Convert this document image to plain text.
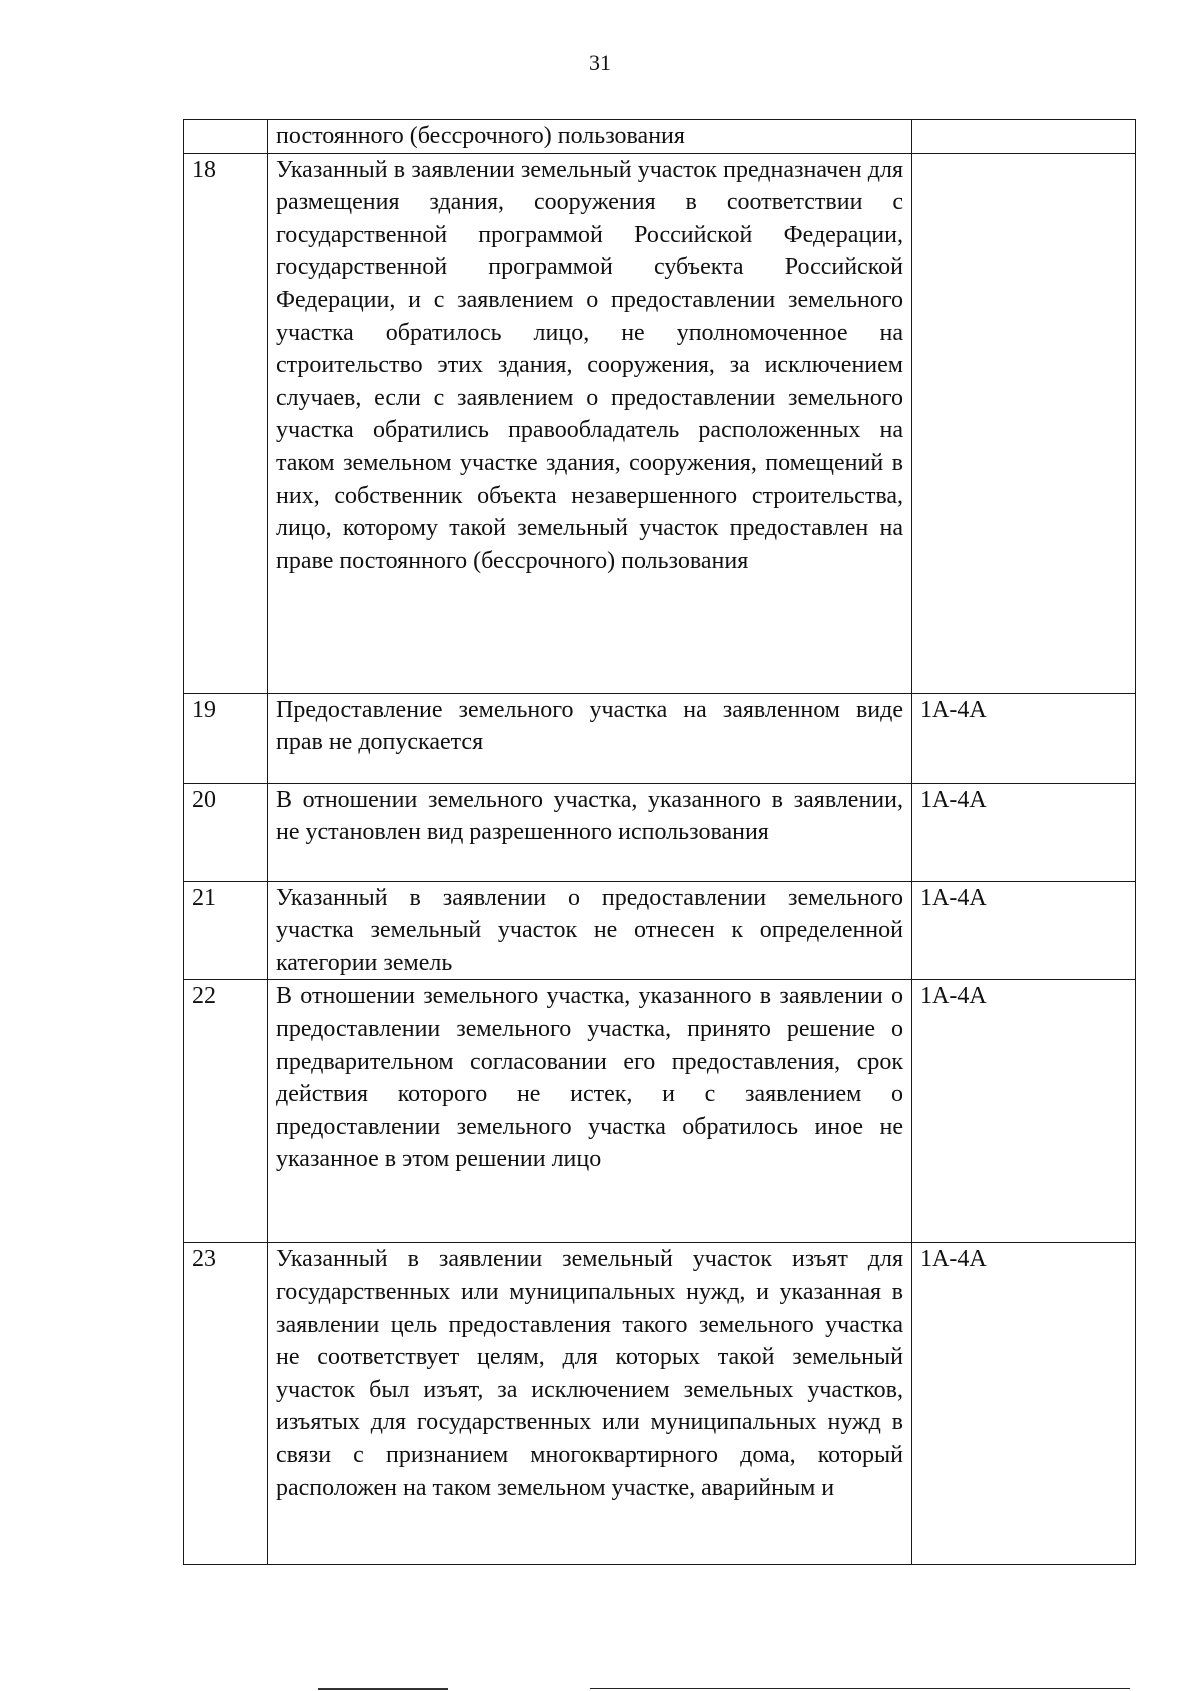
31
	постоянного (бессрочного) пользования	
18	Указанный в заявлении земельный участок предназначен для размещения здания, сооружения в соответствии с государственной программой Российской Федерации, государственной программой субъекта Российской Федерации, и с заявлением о предоставлении земельного участка обратилось лицо, не уполномоченное на строительство этих здания, сооружения, за исключением случаев, если с заявлением о предоставлении земельного участка обратились правообладатель расположенных на таком земельном участке здания, сооружения, помещений в них, собственник объекта незавершенного строительства, лицо, которому такой земельный участок предоставлен на праве постоянного (бессрочного) пользования	
19	Предоставление земельного участка на заявленном виде прав не допускается	1А-4А
20	В отношении земельного участка, указанного в заявлении, не установлен вид разрешенного использования	1А-4А
21	Указанный в заявлении о предоставлении земельного участка земельный участок не отнесен к определенной категории земель	1А-4А
22	В отношении земельного участка, указанного в заявлении о предоставлении земельного участка, принято решение о предварительном согласовании его предоставления, срок действия которого не истек, и с заявлением о предоставлении земельного участка обратилось иное не указанное в этом решении лицо	1А-4А
23	Указанный в заявлении земельный участок изъят для государственных или муниципальных нужд, и указанная в заявлении цель предоставления такого земельного участка не соответствует целям, для которых такой земельный участок был изъят, за исключением земельных участков, изъятых для государственных или муниципальных нужд в связи с признанием многоквартирного дома, который расположен на таком земельном участке, аварийным и	1А-4А
